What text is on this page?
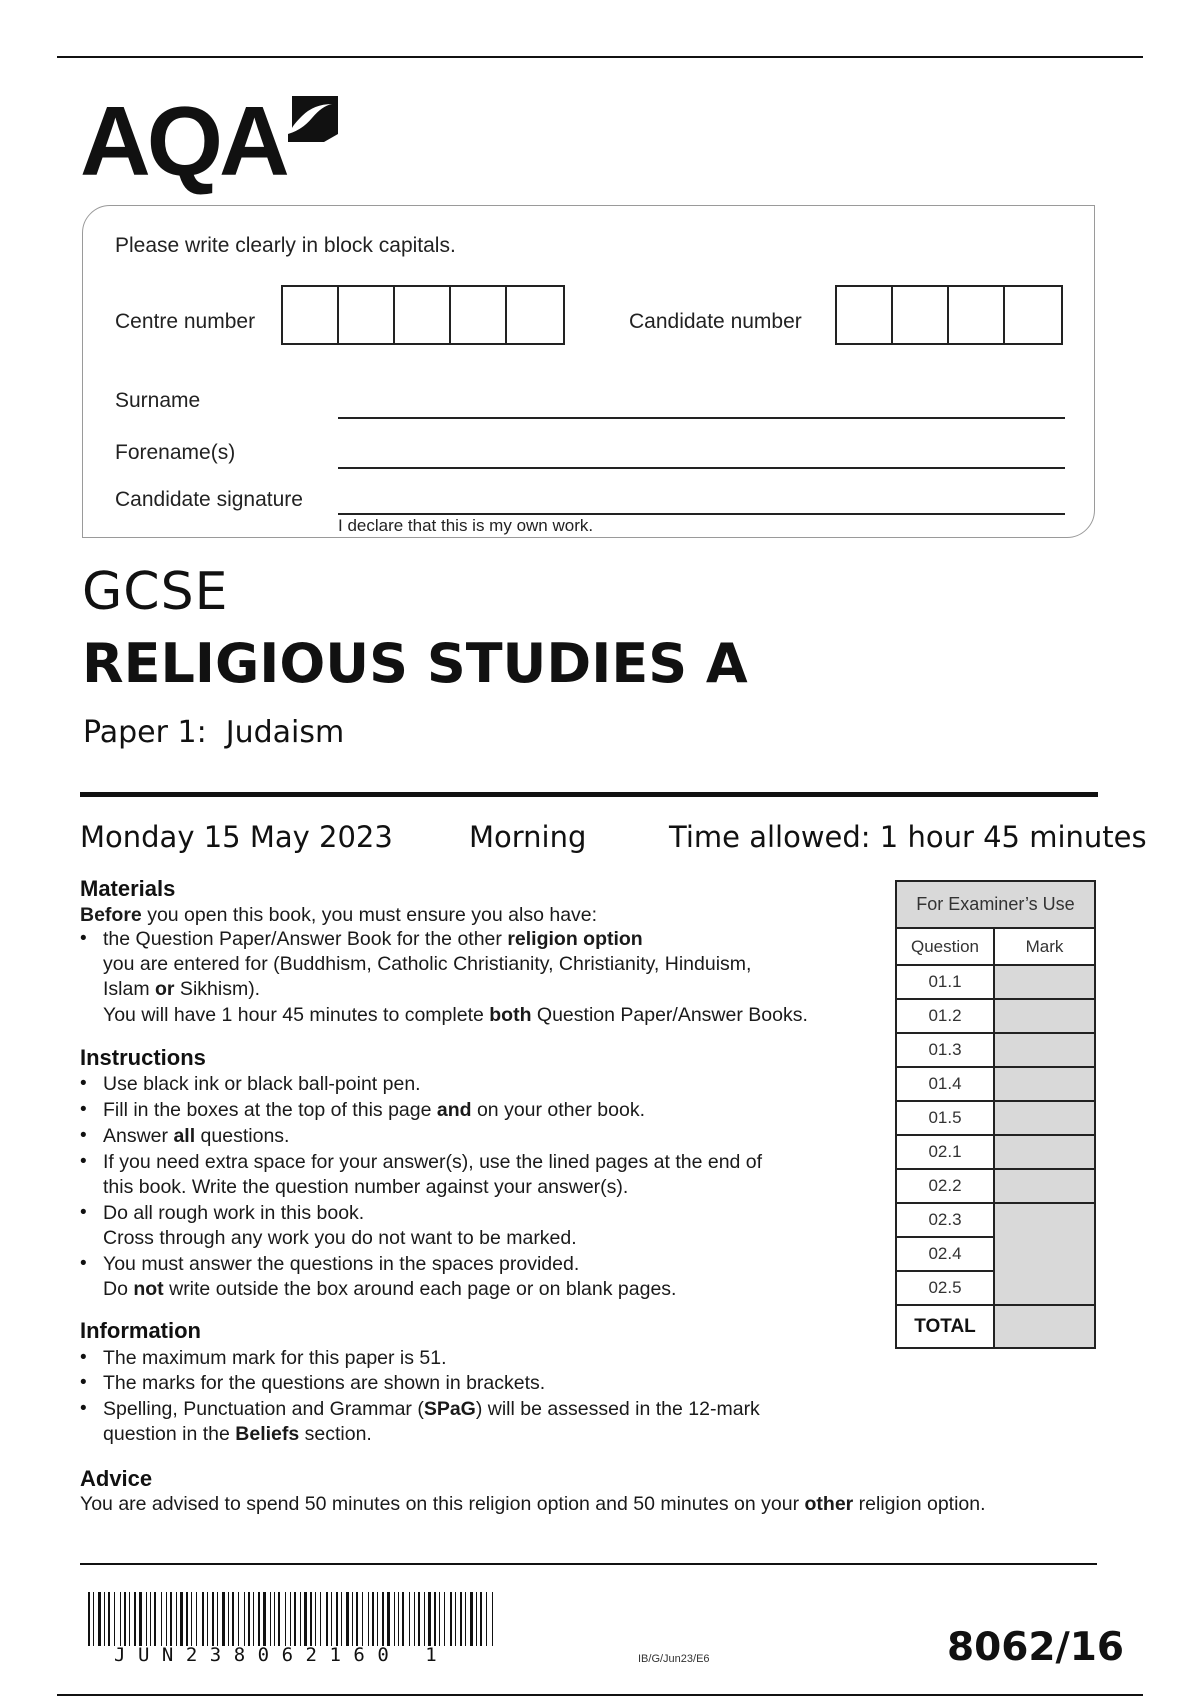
AQA
Please write clearly in block capitals.
Centre number	Candidate number
Surname
Forename(s)
Candidate signature
I declare that this is my own work.
GCSE
RELIGIOUS STUDIES A
Paper 1:  Judaism
Monday 15 May 2023	Morning	Time allowed: 1 hour 45 minutes
Materials
Before you open this book, you must ensure you also have:
• the Question Paper/Answer Book for the other religion option
you are entered for (Buddhism, Catholic Christianity, Christianity, Hinduism,
Islam or Sikhism).
You will have 1 hour 45 minutes to complete both Question Paper/Answer Books.
Instructions
• Use black ink or black ball-point pen.
• Fill in the boxes at the top of this page and on your other book.
• Answer all questions.
• If you need extra space for your answer(s), use the lined pages at the end of
this book. Write the question number against your answer(s).
• Do all rough work in this book.
Cross through any work you do not want to be marked.
• You must answer the questions in the spaces provided.
Do not write outside the box around each page or on blank pages.
Information
• The maximum mark for this paper is 51.
• The marks for the questions are shown in brackets.
• Spelling, Punctuation and Grammar (SPaG) will be assessed in the 12-mark
question in the Beliefs section.
Advice
You are advised to spend 50 minutes on this religion option and 50 minutes on your other religion option.
For Examiner’s Use	
Question	Mark
01.1	
01.2	
01.3	
01.4	
01.5	
02.1	
02.2	
02.3	
02.4	
02.5	
TOTAL	
JUN238062160 1	IB/G/Jun23/E6	8062/16
